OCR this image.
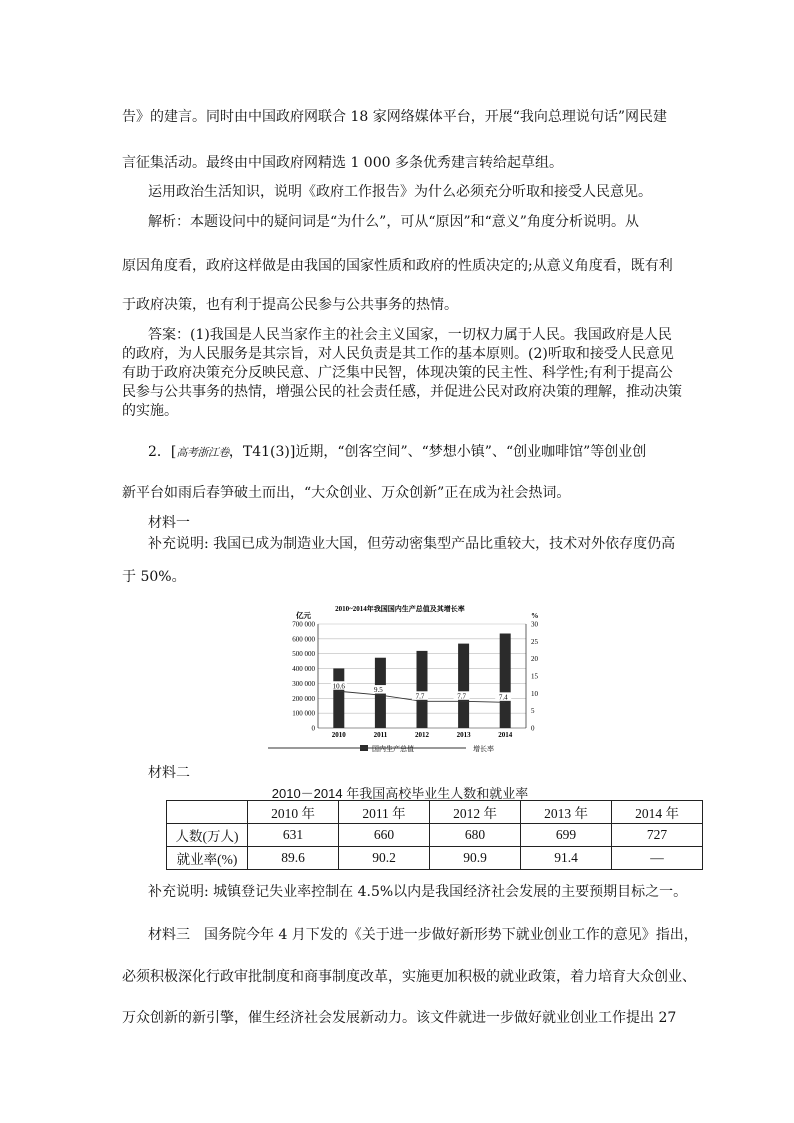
告》的建言。同时由中国政府网联合 18 家网络媒体平台，开展“我向总理说句话”网民建
言征集活动。最终由中国政府网精选 1 000 多条优秀建言转给起草组。
运用政治生活知识，说明《政府工作报告》为什么必须充分听取和接受人民意见。
解析：本题设问中的疑问词是“为什么”，可从“原因”和“意义”角度分析说明。从
原因角度看，政府这样做是由我国的国家性质和政府的性质决定的;从意义角度看，既有利
于政府决策，也有利于提高公民参与公共事务的热情。
答案：(1)我国是人民当家作主的社会主义国家，一切权力属于人民。我国政府是人民
的政府，为人民服务是其宗旨，对人民负责是其工作的基本原则。(2)听取和接受人民意见
有助于政府决策充分反映民意、广泛集中民智，体现决策的民主性、科学性;有利于提高公
民参与公共事务的热情，增强公民的社会责任感，并促进公民对政府决策的理解，推动决策
的实施。
2．[高考浙江卷，T41(3)]近期，“创客空间”、“梦想小镇”、“创业咖啡馆”等创业创
新平台如雨后春笋破土而出，“大众创业、万众创新”正在成为社会热词。
材料一
补充说明: 我国已成为制造业大国，但劳动密集型产品比重较大，技术对外依存度仍高
于 50%。
2010~2014年我国国内生产总值及其增长率
亿元	%
10.6	9.5
7.7	7.7	7.4
0
100 000
200 000
300 000
400 000
500 000
600 000
700 000
0
5
10
15
20
25
30
2010	2011	2012	2013	2014
国内生产总值	增长率
材料二
2010－2014 年我国高校毕业生人数和就业率
	2010 年	2011 年	2012 年	2013 年	2014 年
人数(万人)	631	660	680	699	727
就业率(%)	89.6	90.2	90.9	91.4	—
补充说明: 城镇登记失业率控制在 4.5%以内是我国经济社会发展的主要预期目标之一。
材料三　国务院今年 4 月下发的《关于进一步做好新形势下就业创业工作的意见》指出，
必须积极深化行政审批制度和商事制度改革，实施更加积极的就业政策，着力培育大众创业、
万众创新的新引擎，催生经济社会发展新动力。该文件就进一步做好就业创业工作提出 27
